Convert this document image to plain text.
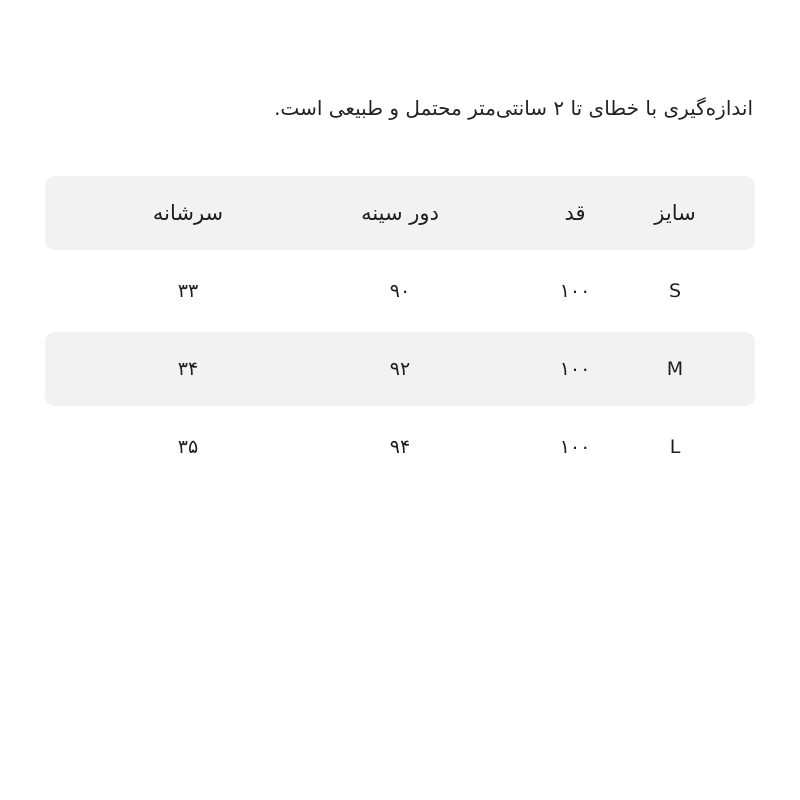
اندازه‌گیری با خطای تا ۲ سانتی‌متر محتمل و طبیعی است.
سایز
قد
دور سینه
سرشانه
S
۱۰۰
۹۰
۳۳
M
۱۰۰
۹۲
۳۴
L
۱۰۰
۹۴
۳۵
